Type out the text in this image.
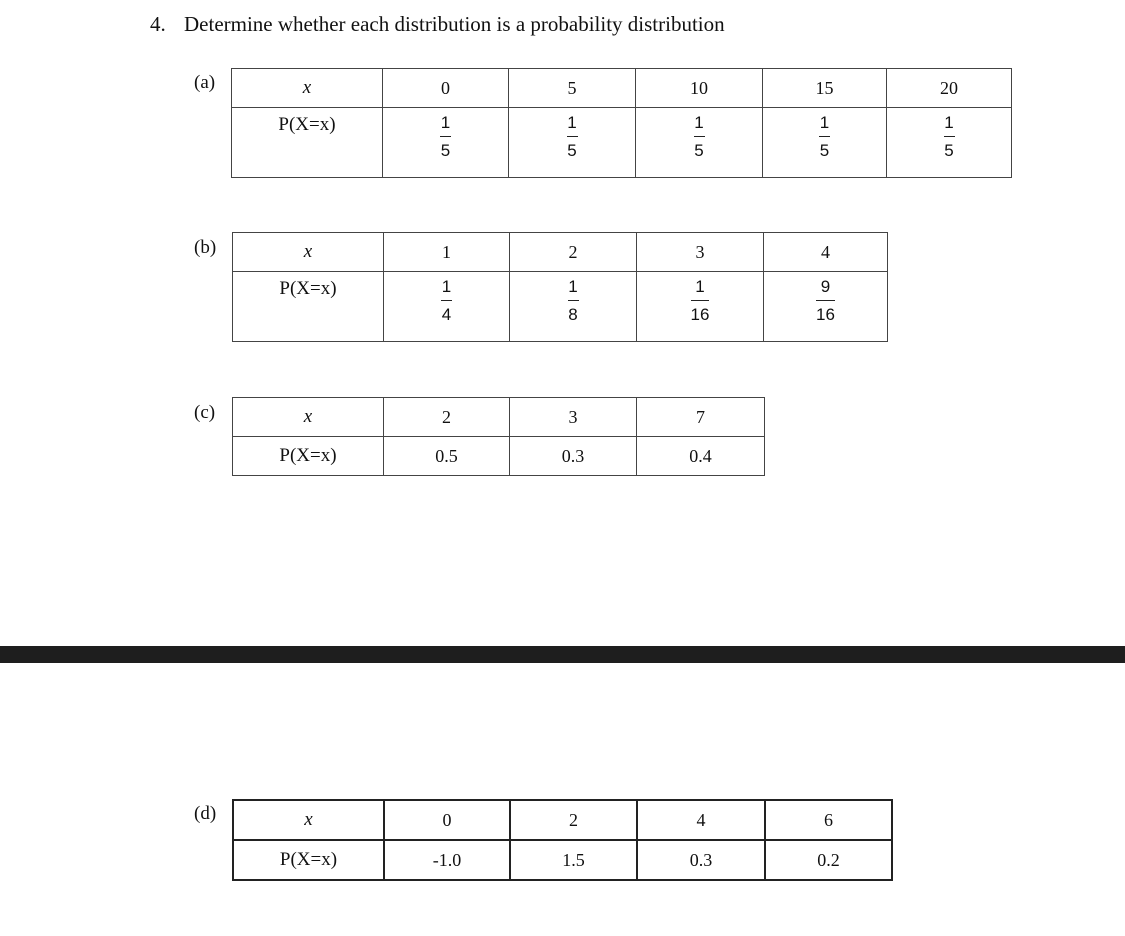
4. Determine whether each distribution is a probability distribution
(a)	x	0	5	10	15	20
P(X=x)	$\frac{1}{5}$	$\frac{1}{5}$	$\frac{1}{5}$	$\frac{1}{5}$	$\frac{1}{5}$
(b)	x	1	2	3	4
P(X=x)	$\frac{1}{4}$	$\frac{1}{8}$	$\frac{1}{16}$	$\frac{9}{16}$
(c)	x	2	3	7
P(X=x)	0.5	0.3	0.4
(d)	x	0	2	4	6
P(X=x)	-1.0	1.5	0.3	0.2
